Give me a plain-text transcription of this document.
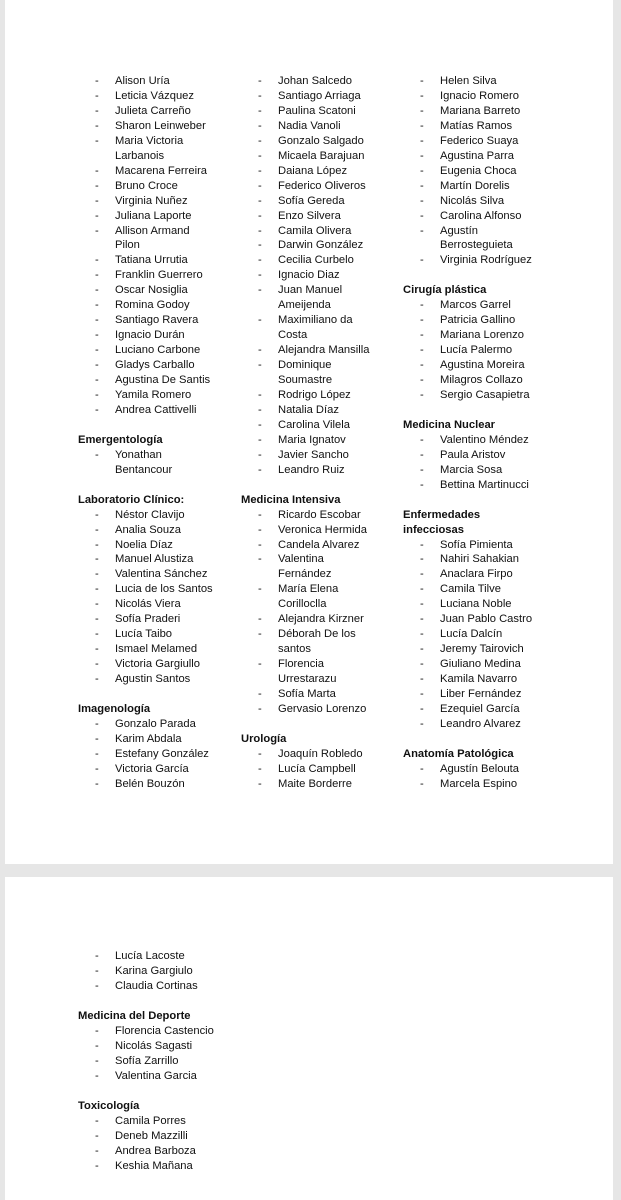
- Alison Uría
- Leticia Vázquez
- Julieta Carreño
- Sharon Leinweber
- Maria Victoria
Larbanois
- Macarena Ferreira
- Bruno Croce
- Virginia Nuñez
- Juliana Laporte
- Allison Armand
Pilon
- Tatiana Urrutia
- Franklin Guerrero
- Oscar Nosiglia
- Romina Godoy
- Santiago Ravera
- Ignacio Durán
- Luciano Carbone
- Gladys Carballo
- Agustina De Santis
- Yamila Romero
- Andrea Cattivelli
Emergentología
- Yonathan
Bentancour
Laboratorio Clínico:
- Néstor Clavijo
- Analia Souza
- Noelia Díaz
- Manuel Alustiza
- Valentina Sánchez
- Lucia de los Santos
- Nicolás Viera
- Sofía Praderi
- Lucía Taibo
- Ismael Melamed
- Victoria Gargiullo
- Agustin Santos
Imagenología
- Gonzalo Parada
- Karim Abdala
- Estefany González
- Victoria García
- Belén Bouzón
- Johan Salcedo
- Santiago Arriaga
- Paulina Scatoni
- Nadia Vanoli
- Gonzalo Salgado
- Micaela Barajuan
- Daiana López
- Federico Oliveros
- Sofía Gereda
- Enzo Silvera
- Camila Olivera
- Darwin González
- Cecilia Curbelo
- Ignacio Diaz
- Juan Manuel
Ameijenda
- Maximiliano da
Costa
- Alejandra Mansilla
- Dominique
Soumastre
- Rodrigo López
- Natalia Díaz
- Carolina Vilela
- Maria Ignatov
- Javier Sancho
- Leandro Ruiz
Medicina Intensiva
- Ricardo Escobar
- Veronica Hermida
- Candela Alvarez
- Valentina
Fernández
- María Elena
Corillocllа
- Alejandra Kirzner
- Déborah De los
santos
- Florencia
Urrestarazu
- Sofía Marta
- Gervasio Lorenzo
Urología
- Joaquín Robledo
- Lucía Campbell
- Maite Borderre
- Helen Silva
- Ignacio Romero
- Mariana Barreto
- Matías Ramos
- Federico Suaya
- Agustina Parra
- Eugenia Choca
- Martín Dorelis
- Nicolás Silva
- Carolina Alfonso
- Agustín
Berrosteguieta
- Virginia Rodríguez
Cirugía plástica
- Marcos Garrel
- Patricia Gallino
- Mariana Lorenzo
- Lucía Palermo
- Agustina Moreira
- Milagros Collazo
- Sergio Casapietra
Medicina Nuclear
- Valentino Méndez
- Paula Aristov
- Marcia Sosa
- Bettina Martinucci
Enfermedades
infecciosas
- Sofía Pimienta
- Nahiri Sahakian
- Anaclara Firpo
- Camila Tilve
- Luciana Noble
- Juan Pablo Castro
- Lucía Dalcín
- Jeremy Tairovich
- Giuliano Medina
- Kamila Navarro
- Liber Fernández
- Ezequiel García
- Leandro Alvarez
Anatomía Patológica
- Agustín Belouta
- Marcela Espino
- Lucía Lacoste
- Karina Gargiulo
- Claudia Cortinas
Medicina del Deporte
- Florencia Castencio
- Nicolás Sagasti
- Sofía Zarrillo
- Valentina Garcia
Toxicología
- Camila Porres
- Deneb Mazzilli
- Andrea Barboza
- Keshia Mañana
